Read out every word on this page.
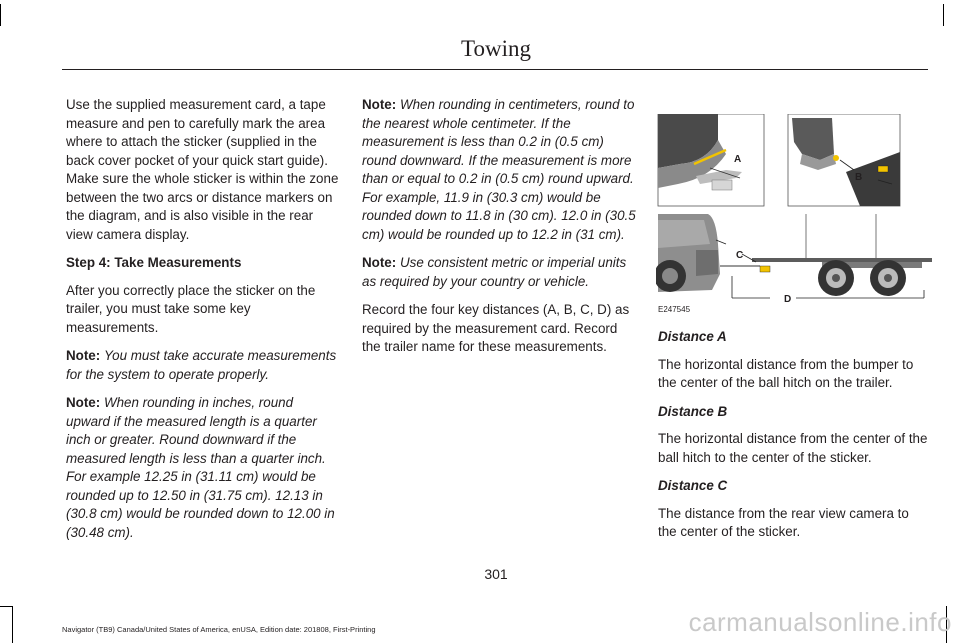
Towing

Use the supplied measurement card, a tape measure and pen to carefully mark the area where to attach the sticker (supplied in the back cover pocket of your quick start guide). Make sure the whole sticker is within the zone between the two arcs or distance markers on the diagram, and is also visible in the rear view camera display.

Step 4: Take Measurements

After you correctly place the sticker on the trailer, you must take some key measurements.

Note: You must take accurate measurements for the system to operate properly.

Note: When rounding in inches, round upward if the measured length is a quarter inch or greater. Round downward if the measured length is less than a quarter inch. For example 12.25 in (31.11 cm) would be rounded up to 12.50 in (31.75 cm). 12.13 in (30.8 cm) would be rounded down to 12.00 in (30.48 cm).

Note: When rounding in centimeters, round to the nearest whole centimeter. If the measurement is less than 0.2 in (0.5 cm) round downward. If the measurement is more than or equal to 0.2 in (0.5 cm) round upward. For example, 11.9 in (30.3 cm) would be rounded down to 11.8 in (30 cm). 12.0 in (30.5 cm) would be rounded up to 12.2 in (31 cm).

Note: Use consistent metric or imperial units as required by your country or vehicle.

Record the four key distances (A, B, C, D) as required by the measurement card. Record the trailer name for these measurements.

A
B
C
D
E247545

Distance A

The horizontal distance from the bumper to the center of the ball hitch on the trailer.

Distance B

The horizontal distance from the center of the ball hitch to the center of the sticker.

Distance C

The distance from the rear view camera to the center of the sticker.

301
Navigator (TB9) Canada/United States of America, enUSA, Edition date: 201808, First-Printing	carmanualsonline.info
